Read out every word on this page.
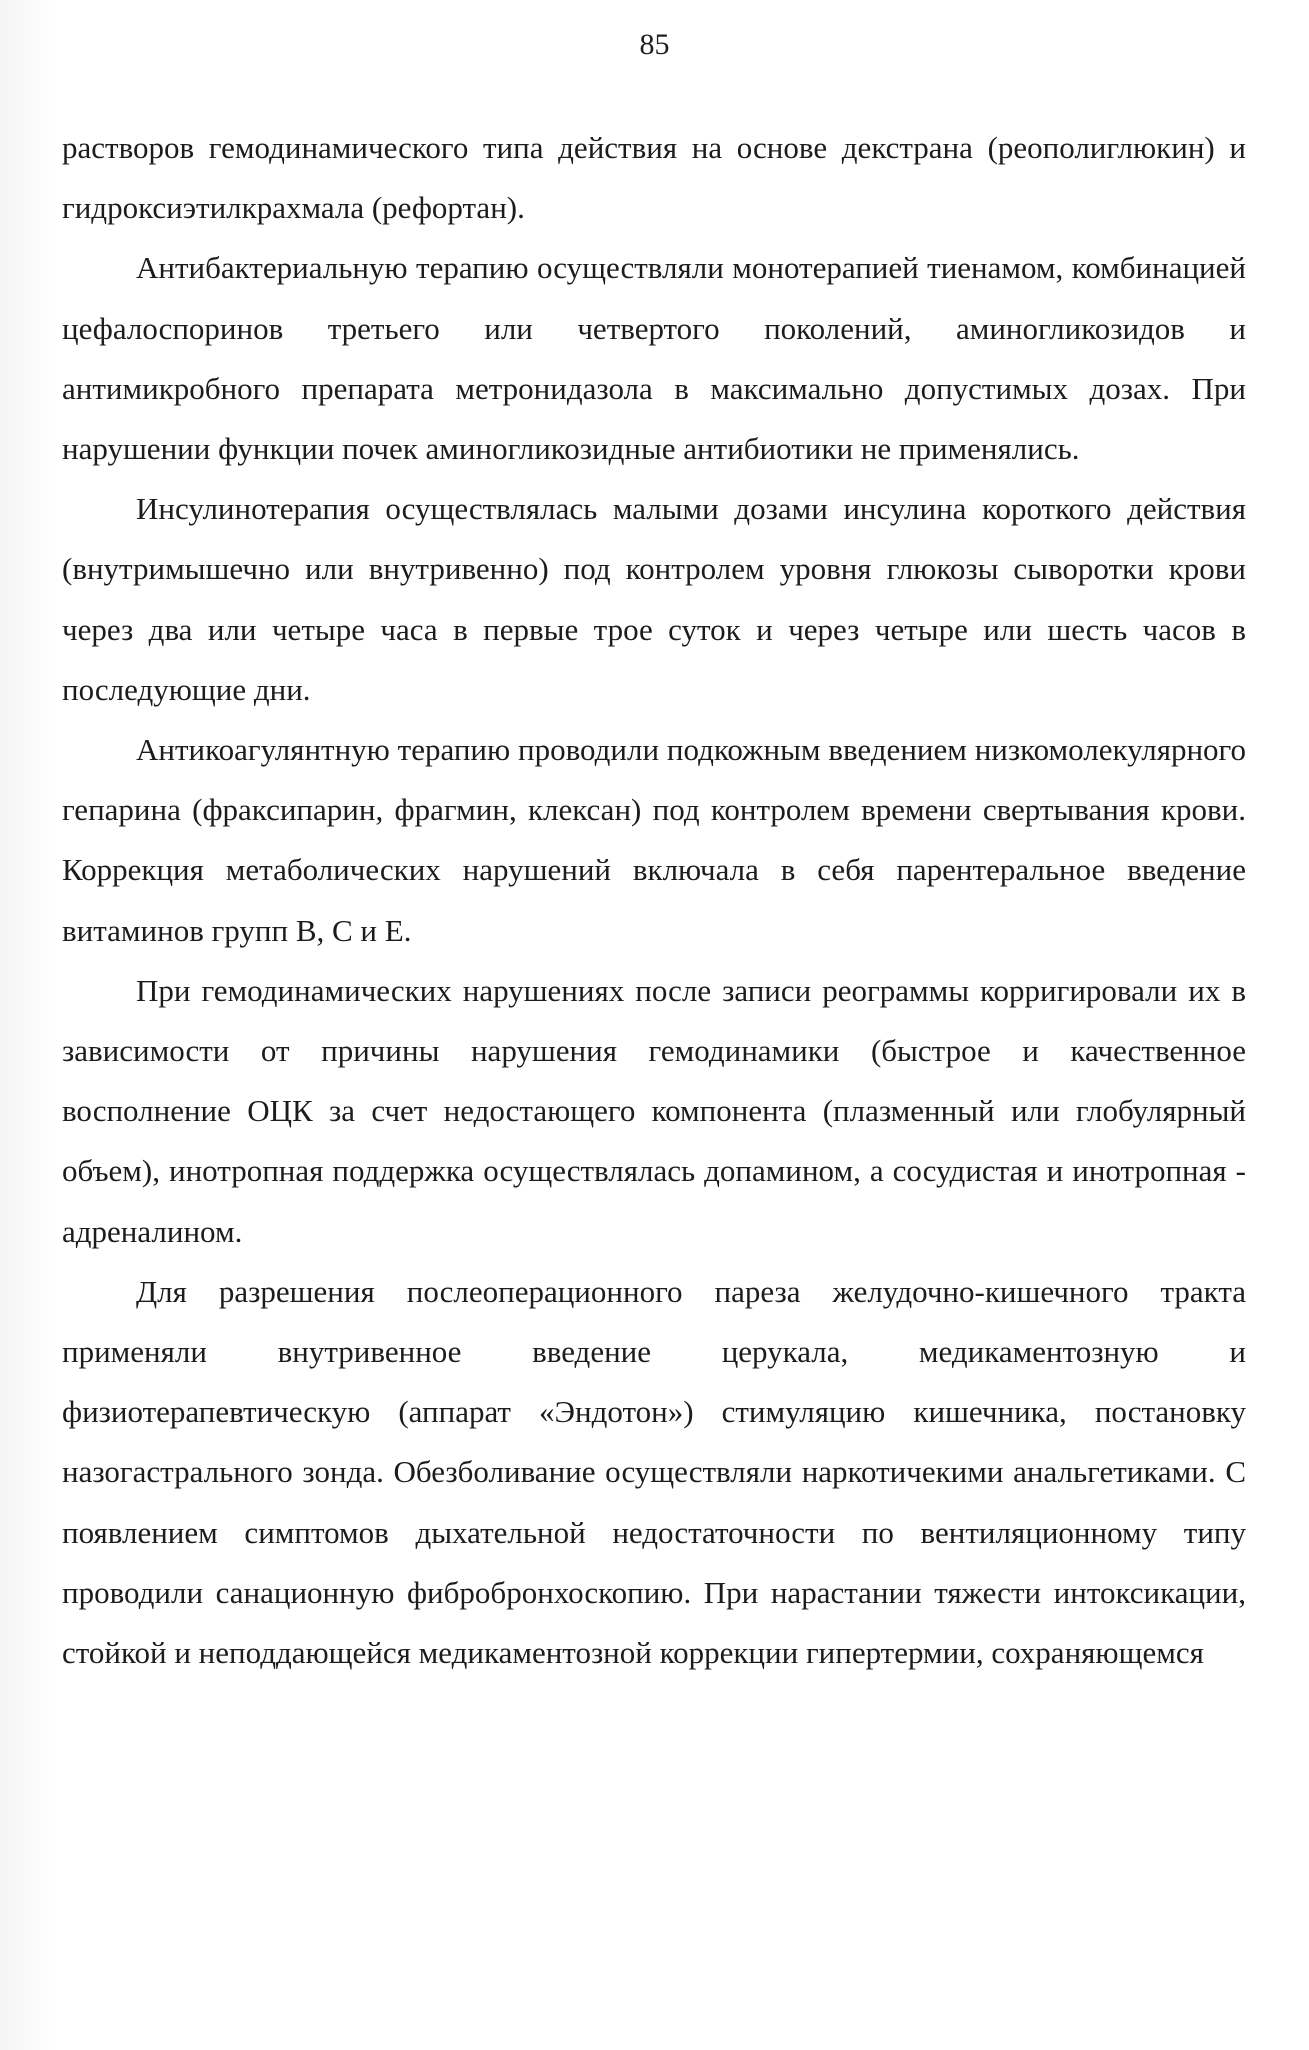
85

растворов гемодинамического типа действия на основе декстрана (реополиглюкин) и гидроксиэтилкрахмала (рефортан).

Антибактериальную терапию осуществляли монотерапией тиенамом, комбинацией цефалоспоринов третьего или четвертого поколений, аминогликозидов и антимикробного препарата метронидазола в максимально допустимых дозах. При нарушении функции почек аминогликозидные антибиотики не применялись.

Инсулинотерапия осуществлялась малыми дозами инсулина короткого действия (внутримышечно или внутривенно) под контролем уровня глюкозы сыворотки крови через два или четыре часа в первые трое суток и через четыре или шесть часов в последующие дни.

Антикоагулянтную терапию проводили подкожным введением низкомолекулярного гепарина (фраксипарин, фрагмин, клексан) под контролем времени свертывания крови. Коррекция метаболических нарушений включала в себя парентеральное введение витаминов групп В, С и Е.

При гемодинамических нарушениях после записи реограммы корригировали их в зависимости от причины нарушения гемодинамики (быстрое и качественное восполнение ОЦК за счет недостающего компонента (плазменный или глобулярный объем), инотропная поддержка осуществлялась допамином, а сосудистая и инотропная - адреналином.

Для разрешения послеоперационного пареза желудочно-кишечного тракта применяли внутривенное введение церукала, медикаментозную и физиотерапевтическую (аппарат «Эндотон») стимуляцию кишечника, постановку назогастрального зонда. Обезболивание осуществляли наркотичекими анальгетиками. С появлением симптомов дыхательной недостаточности по вентиляционному типу проводили санационную фибробронхоскопию. При нарастании тяжести интоксикации, стойкой и неподдающейся медикаментозной коррекции гипертермии, сохраняющемся
